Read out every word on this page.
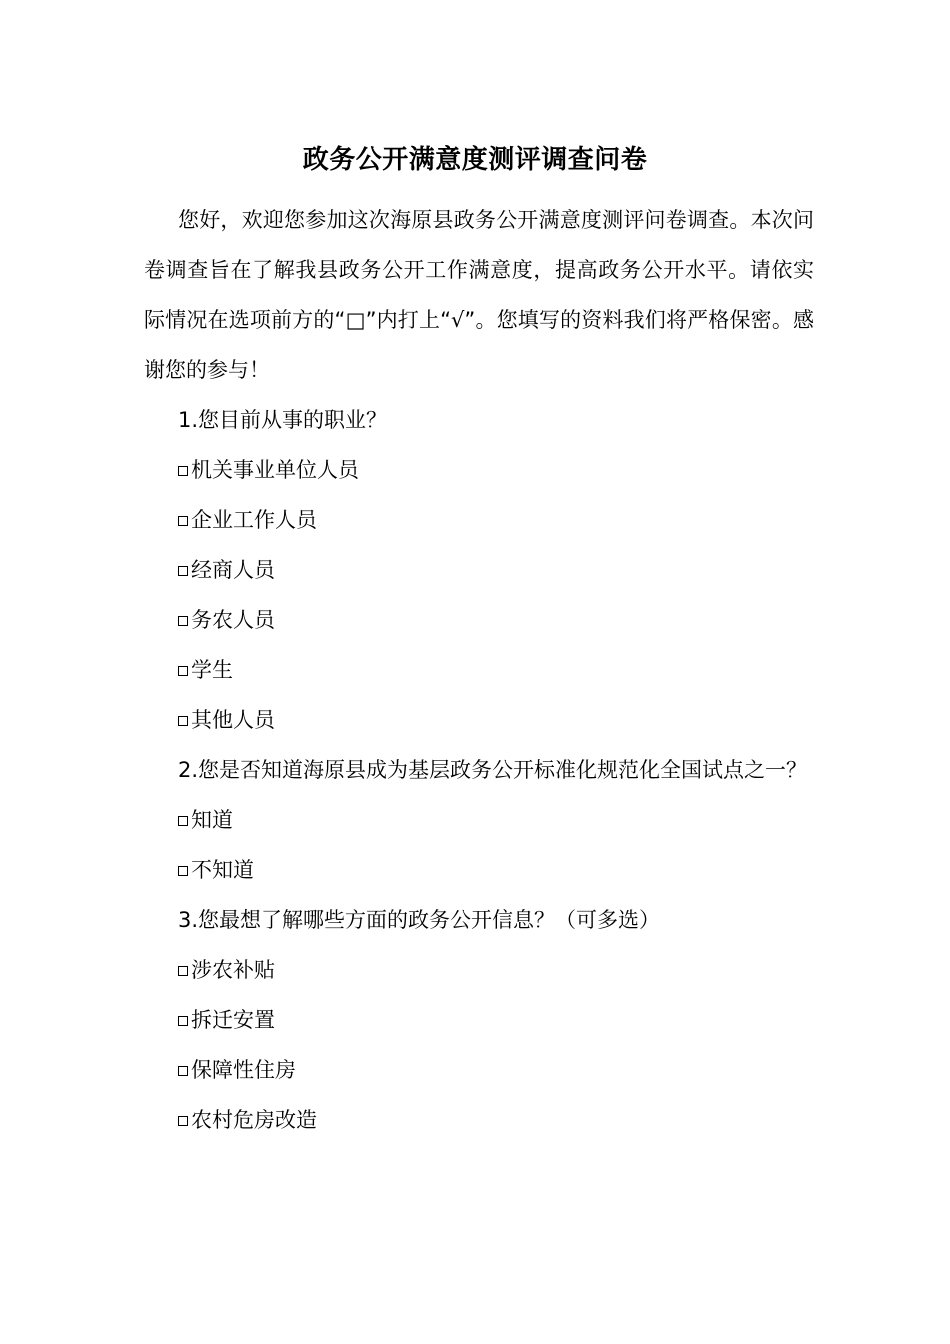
政务公开满意度测评调查问卷

您好，欢迎您参加这次海原县政务公开满意度测评问卷调查。本次问卷调查旨在了解我县政务公开工作满意度，提高政务公开水平。请依实际情况在选项前方的“□”内打上“√”。您填写的资料我们将严格保密。感谢您的参与！

1.您目前从事的职业？

机关事业单位人员
企业工作人员
经商人员
务农人员
学生
其他人员

2.您是否知道海原县成为基层政务公开标准化规范化全国试点之一？

知道
不知道

3.您最想了解哪些方面的政务公开信息？（可多选）

涉农补贴
拆迁安置
保障性住房
农村危房改造
